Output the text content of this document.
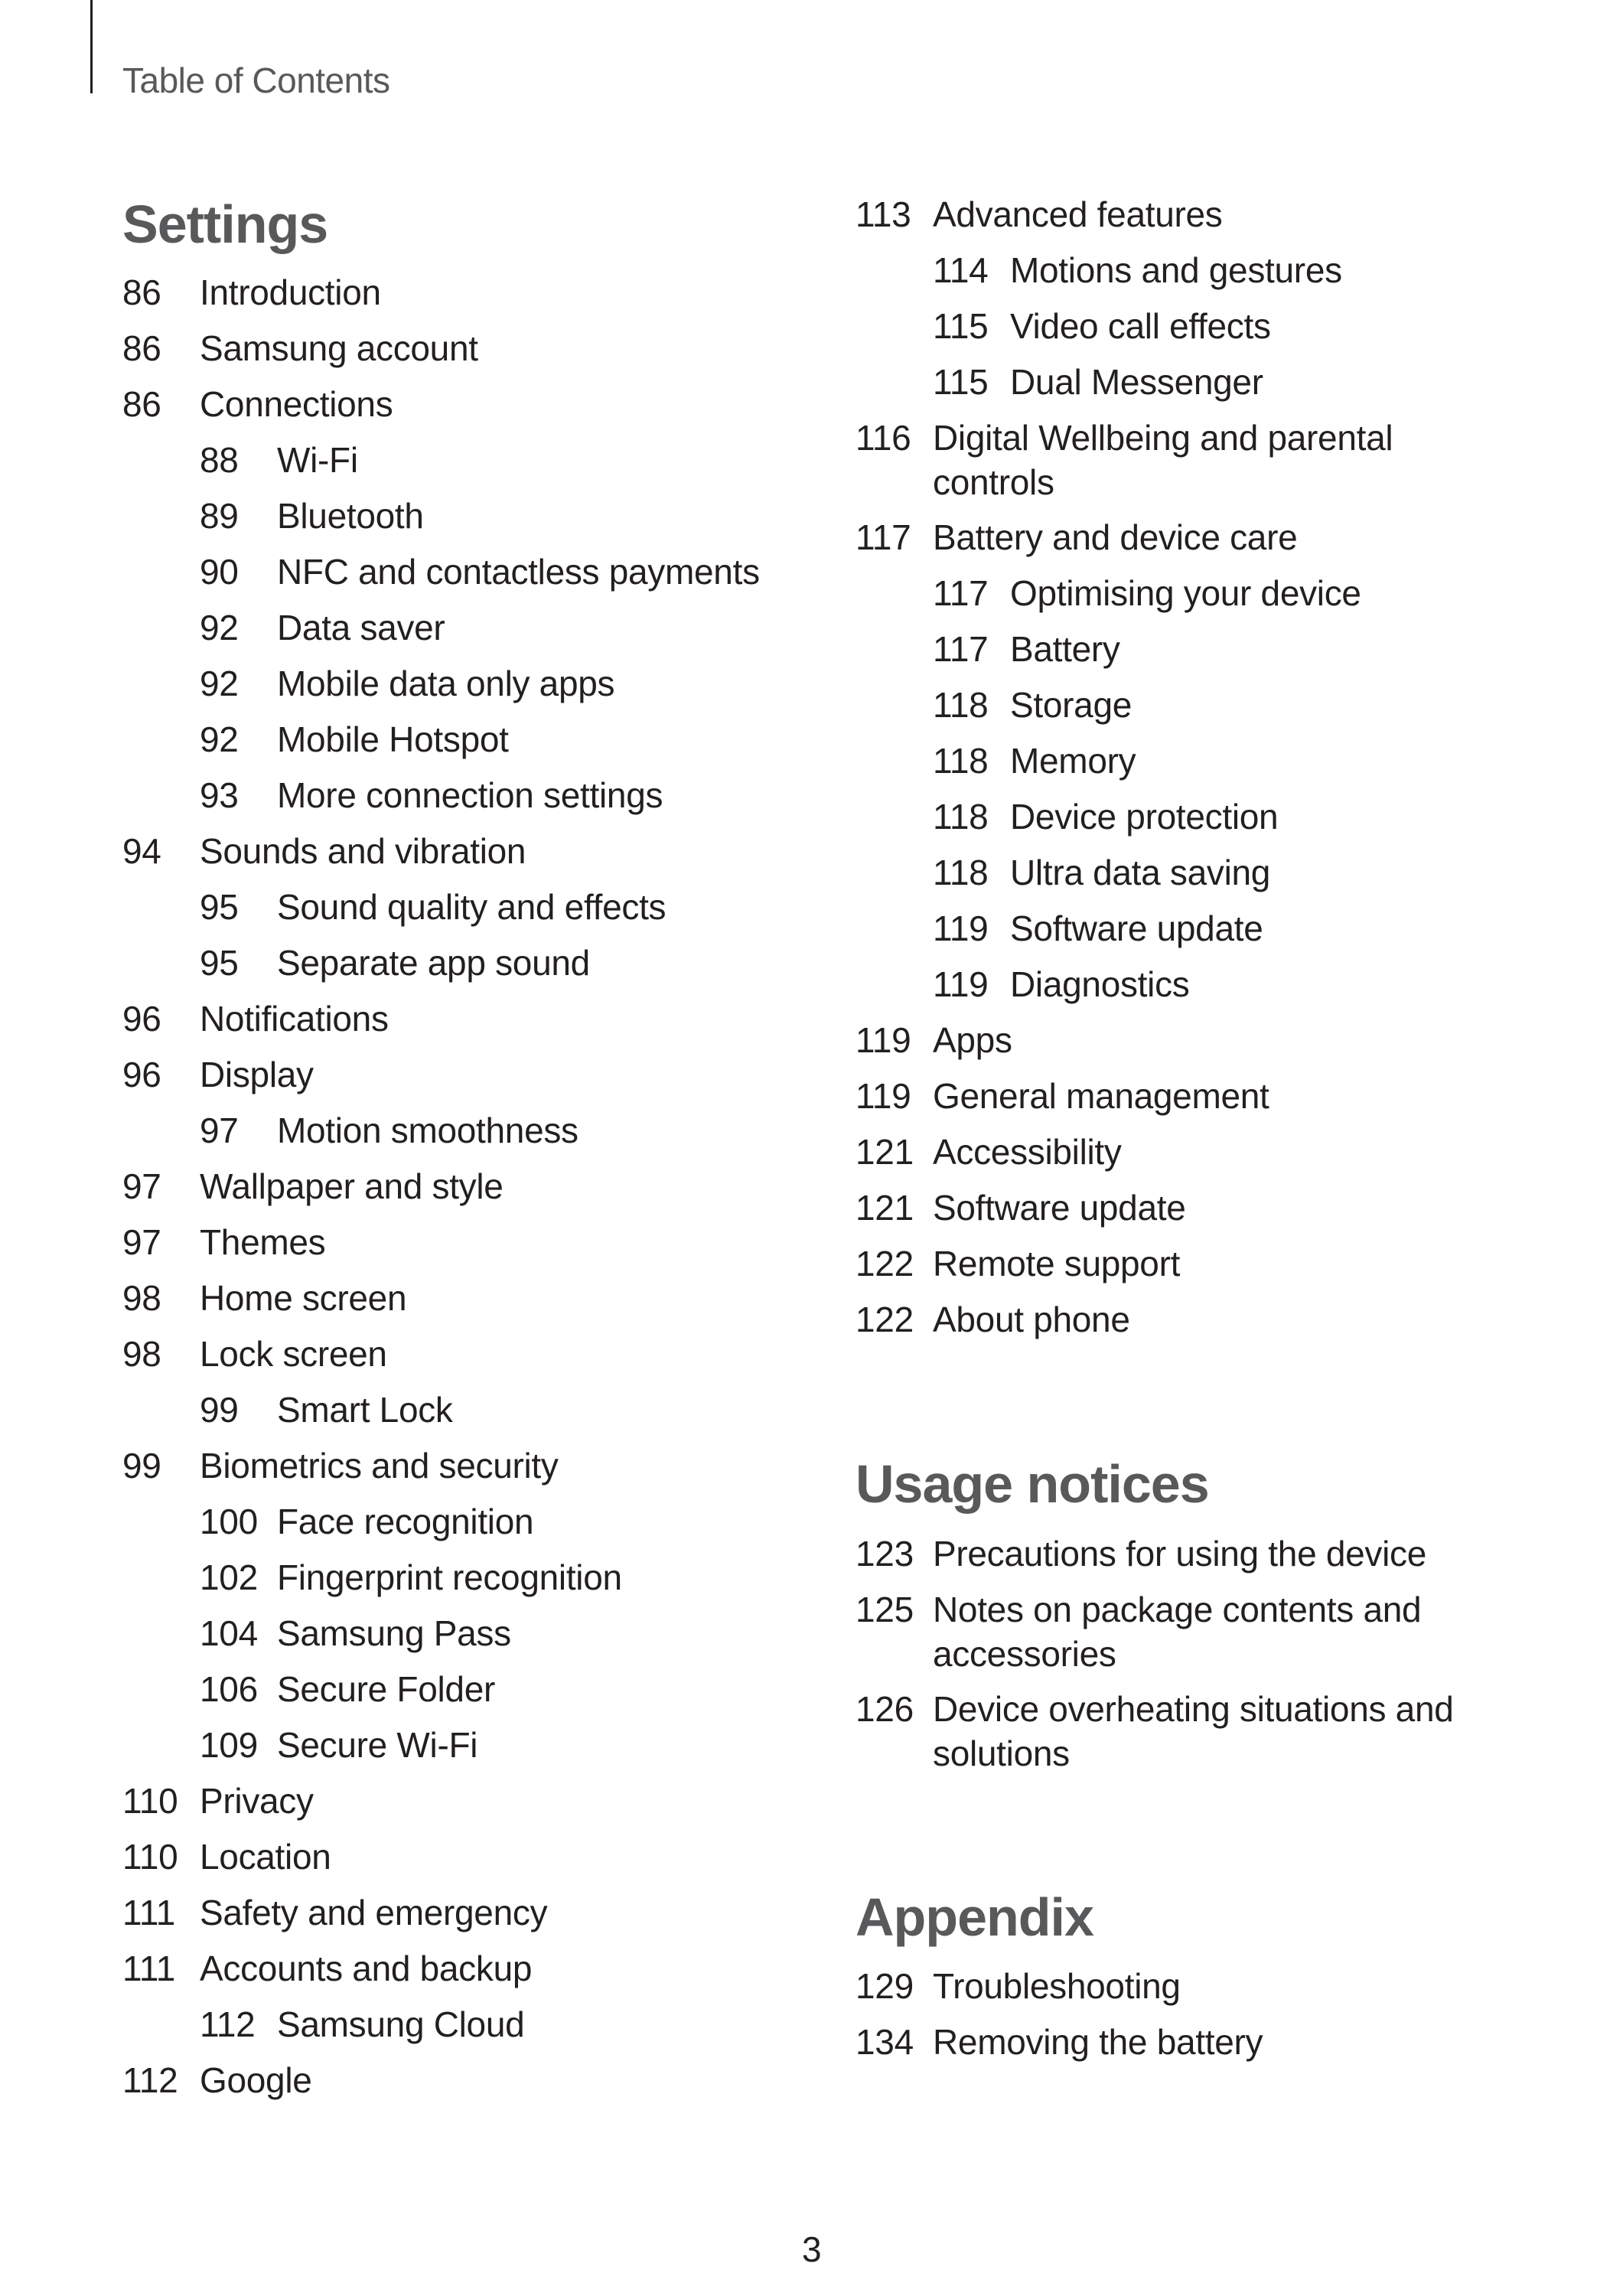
Table of Contents
Settings
86 Introduction
86 Samsung account
86 Connections
88 Wi-Fi
89 Bluetooth
90 NFC and contactless payments
92 Data saver
92 Mobile data only apps
92 Mobile Hotspot
93 More connection settings
94 Sounds and vibration
95 Sound quality and effects
95 Separate app sound
96 Notifications
96 Display
97 Motion smoothness
97 Wallpaper and style
97 Themes
98 Home screen
98 Lock screen
99 Smart Lock
99 Biometrics and security
100 Face recognition
102 Fingerprint recognition
104 Samsung Pass
106 Secure Folder
109 Secure Wi-Fi
110 Privacy
110 Location
111 Safety and emergency
111 Accounts and backup
112 Samsung Cloud
112 Google
113 Advanced features
114 Motions and gestures
115 Video call effects
115 Dual Messenger
116 Digital Wellbeing and parental controls
117 Battery and device care
117 Optimising your device
117 Battery
118 Storage
118 Memory
118 Device protection
118 Ultra data saving
119 Software update
119 Diagnostics
119 Apps
119 General management
121 Accessibility
121 Software update
122 Remote support
122 About phone
Usage notices
123 Precautions for using the device
125 Notes on package contents and accessories
126 Device overheating situations and solutions
Appendix
129 Troubleshooting
134 Removing the battery
3
